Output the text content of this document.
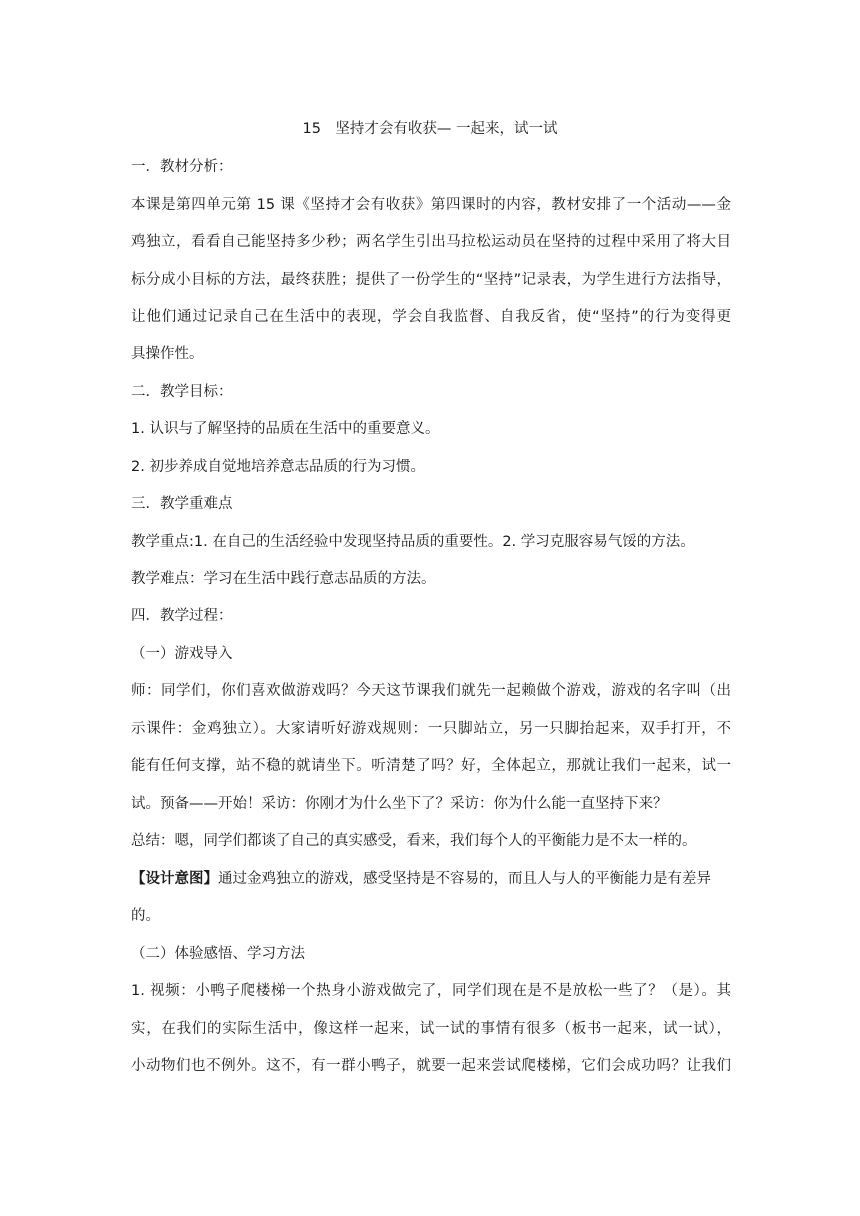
15　坚持才会有收获— 一起来，试一试
一．教材分析：
本课是第四单元第 15 课《坚持才会有收获》第四课时的内容，教材安排了一个活动——金
鸡独立，看看自己能坚持多少秒；两名学生引出马拉松运动员在坚持的过程中采用了将大目
标分成小目标的方法，最终获胜；提供了一份学生的“坚持”记录表，为学生进行方法指导，
让他们通过记录自己在生活中的表现，学会自我监督、自我反省，使“坚持”的行为变得更
具操作性。
二．教学目标：
1. 认识与了解坚持的品质在生活中的重要意义。
2. 初步养成自觉地培养意志品质的行为习惯。
三．教学重难点
教学重点:1. 在自己的生活经验中发现坚持品质的重要性。2. 学习克服容易气馁的方法。
教学难点：学习在生活中践行意志品质的方法。
四．教学过程：
（一）游戏导入
师：同学们，你们喜欢做游戏吗？今天这节课我们就先一起赖做个游戏，游戏的名字叫（出
示课件：金鸡独立）。大家请听好游戏规则：一只脚站立，另一只脚抬起来，双手打开，不
能有任何支撑，站不稳的就请坐下。听清楚了吗？好，全体起立，那就让我们一起来，试一
试。预备——开始！采访：你刚才为什么坐下了？采访：你为什么能一直坚持下来？
总结：嗯，同学们都谈了自己的真实感受，看来，我们每个人的平衡能力是不太一样的。
【设计意图】通过金鸡独立的游戏，感受坚持是不容易的，而且人与人的平衡能力是有差异
的。
（二）体验感悟、学习方法
1. 视频：小鸭子爬楼梯一个热身小游戏做完了，同学们现在是不是放松一些了？（是）。其
实，在我们的实际生活中，像这样一起来，试一试的事情有很多（板书一起来，试一试），
小动物们也不例外。这不，有一群小鸭子，就要一起来尝试爬楼梯，它们会成功吗？让我们
